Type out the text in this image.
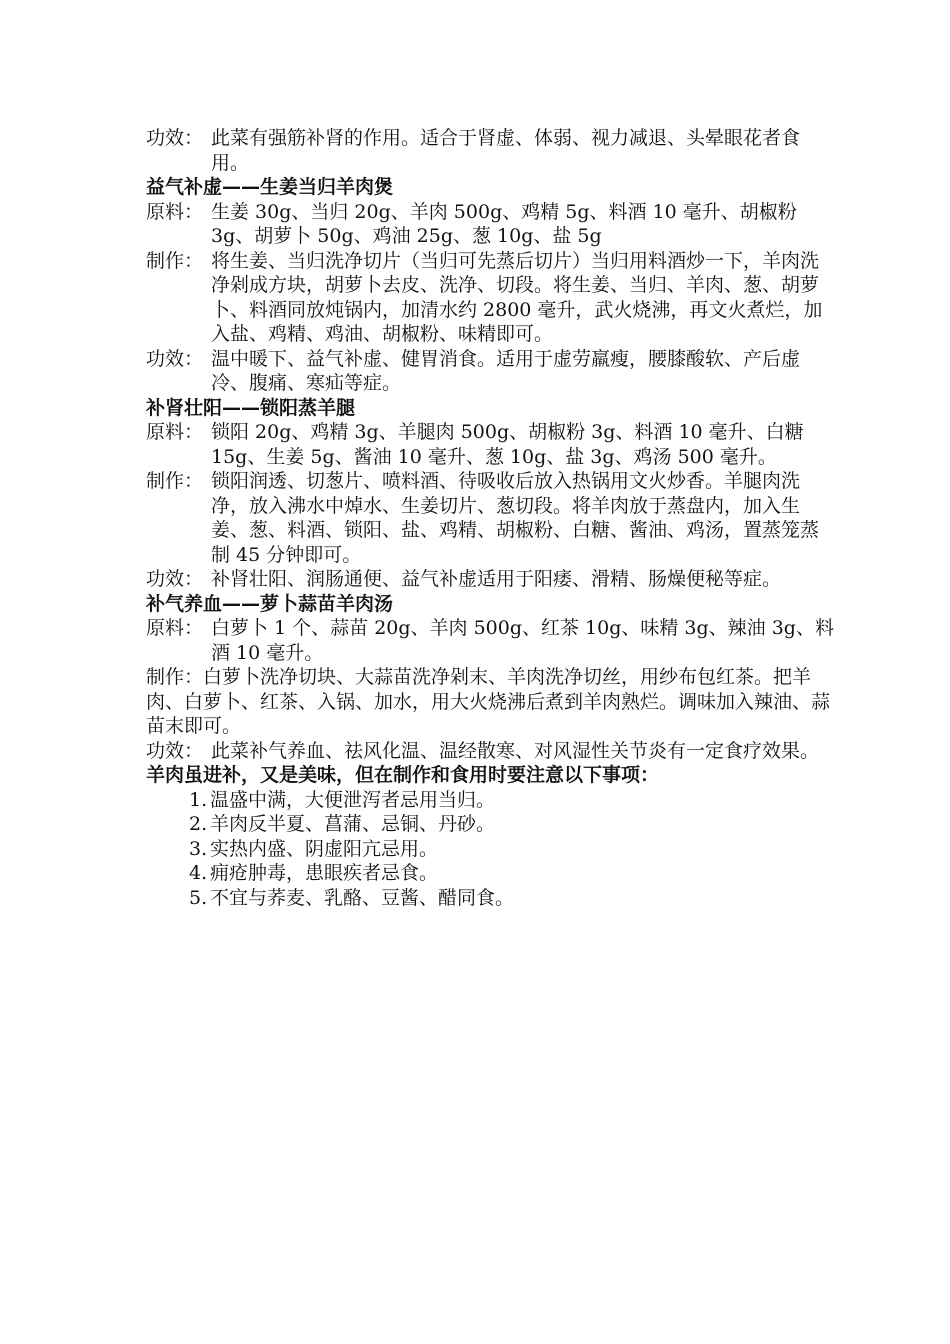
功效： 此菜有强筋补肾的作用。适合于肾虚、体弱、视力减退、头晕眼花者食用。
益气补虚——生姜当归羊肉煲
原料： 生姜 30g、当归 20g、羊肉 500g、鸡精 5g、料酒 10 毫升、胡椒粉 3g、胡萝卜 50g、鸡油 25g、葱 10g、盐 5g
制作： 将生姜、当归洗净切片（当归可先蒸后切片）当归用料酒炒一下，羊肉洗净剁成方块，胡萝卜去皮、洗净、切段。将生姜、当归、羊肉、葱、胡萝卜、料酒同放炖锅内，加清水约 2800 毫升，武火烧沸，再文火煮烂，加入盐、鸡精、鸡油、胡椒粉、味精即可。
功效： 温中暖下、益气补虚、健胃消食。适用于虚劳羸瘦，腰膝酸软、产后虚冷、腹痛、寒疝等症。
补肾壮阳——锁阳蒸羊腿
原料： 锁阳 20g、鸡精 3g、羊腿肉 500g、胡椒粉 3g、料酒 10 毫升、白糖 15g、生姜 5g、酱油 10 毫升、葱 10g、盐 3g、鸡汤 500 毫升。
制作： 锁阳润透、切葱片、喷料酒、待吸收后放入热锅用文火炒香。羊腿肉洗净，放入沸水中焯水、生姜切片、葱切段。将羊肉放于蒸盘内，加入生姜、葱、料酒、锁阳、盐、鸡精、胡椒粉、白糖、酱油、鸡汤，置蒸笼蒸制 45 分钟即可。
功效： 补肾壮阳、润肠通便、益气补虚适用于阳痿、滑精、肠燥便秘等症。
补气养血——萝卜蒜苗羊肉汤
原料： 白萝卜 1 个、蒜苗 20g、羊肉 500g、红茶 10g、味精 3g、辣油 3g、料酒 10 毫升。

制作：白萝卜洗净切块、大蒜苗洗净剁末、羊肉洗净切丝，用纱布包红茶。把羊肉、白萝卜、红茶、入锅、加水，用大火烧沸后煮到羊肉熟烂。调味加入辣油、蒜苗末即可。

功效： 此菜补气养血、祛风化温、温经散寒、对风湿性关节炎有一定食疗效果。
羊肉虽进补，又是美味，但在制作和食用时要注意以下事项：
1. 温盛中满，大便泄泻者忌用当归。
2. 羊肉反半夏、菖蒲、忌铜、丹砂。
3. 实热内盛、阴虚阳亢忌用。
4. 痈疮肿毒，患眼疾者忌食。
5. 不宜与荞麦、乳酪、豆酱、醋同食。
